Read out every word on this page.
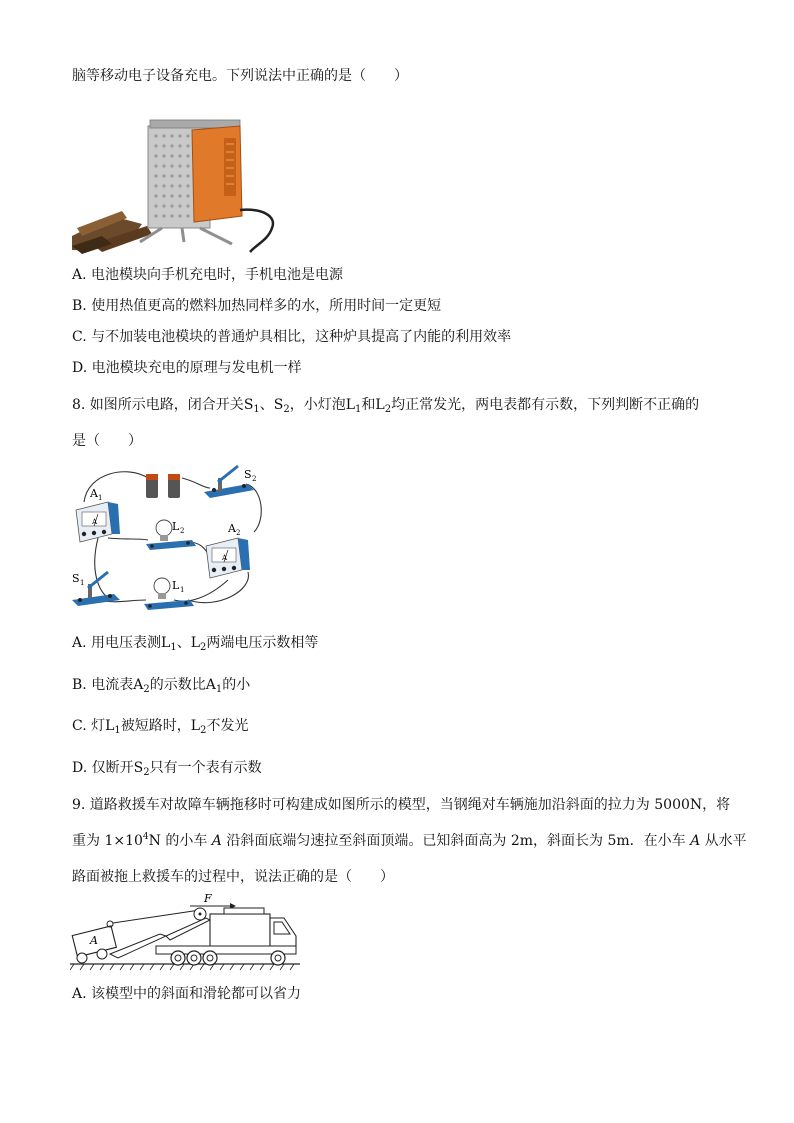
脑等移动电子设备充电。下列说法中正确的是（　　）
A. 电池模块向手机充电时，手机电池是电源
B. 使用热值更高的燃料加热同样多的水，所用时间一定更短
C. 与不加装电池模块的普通炉具相比，这种炉具提高了内能的利用效率
D. 电池模块充电的原理与发电机一样
8. 如图所示电路，闭合开关$S_1$、$S_2$，小灯泡$L_1$和$L_2$均正常发光，两电表都有示数，下列判断不正确的
是（　　）
S 2
A 1
A	L 2	A 2
A
S 1	L 1
A. 用电压表测$L_1$、$L_2$两端电压示数相等
B. 电流表$A_2$的示数比$A_1$的小
C. 灯$L_1$被短路时，$L_2$不发光
D. 仅断开$S_2$只有一个表有示数
9. 道路救援车对故障车辆拖移时可构建成如图所示的模型，当钢绳对车辆施加沿斜面的拉力为 5000N，将
重为 $1\times 10^4N$ 的小车 A 沿斜面底端匀速拉至斜面顶端。已知斜面高为 2m，斜面长为 5m．在小车 A 从水平
路面被拖上救援车的过程中，说法正确的是（　　）
A
F
A. 该模型中的斜面和滑轮都可以省力
